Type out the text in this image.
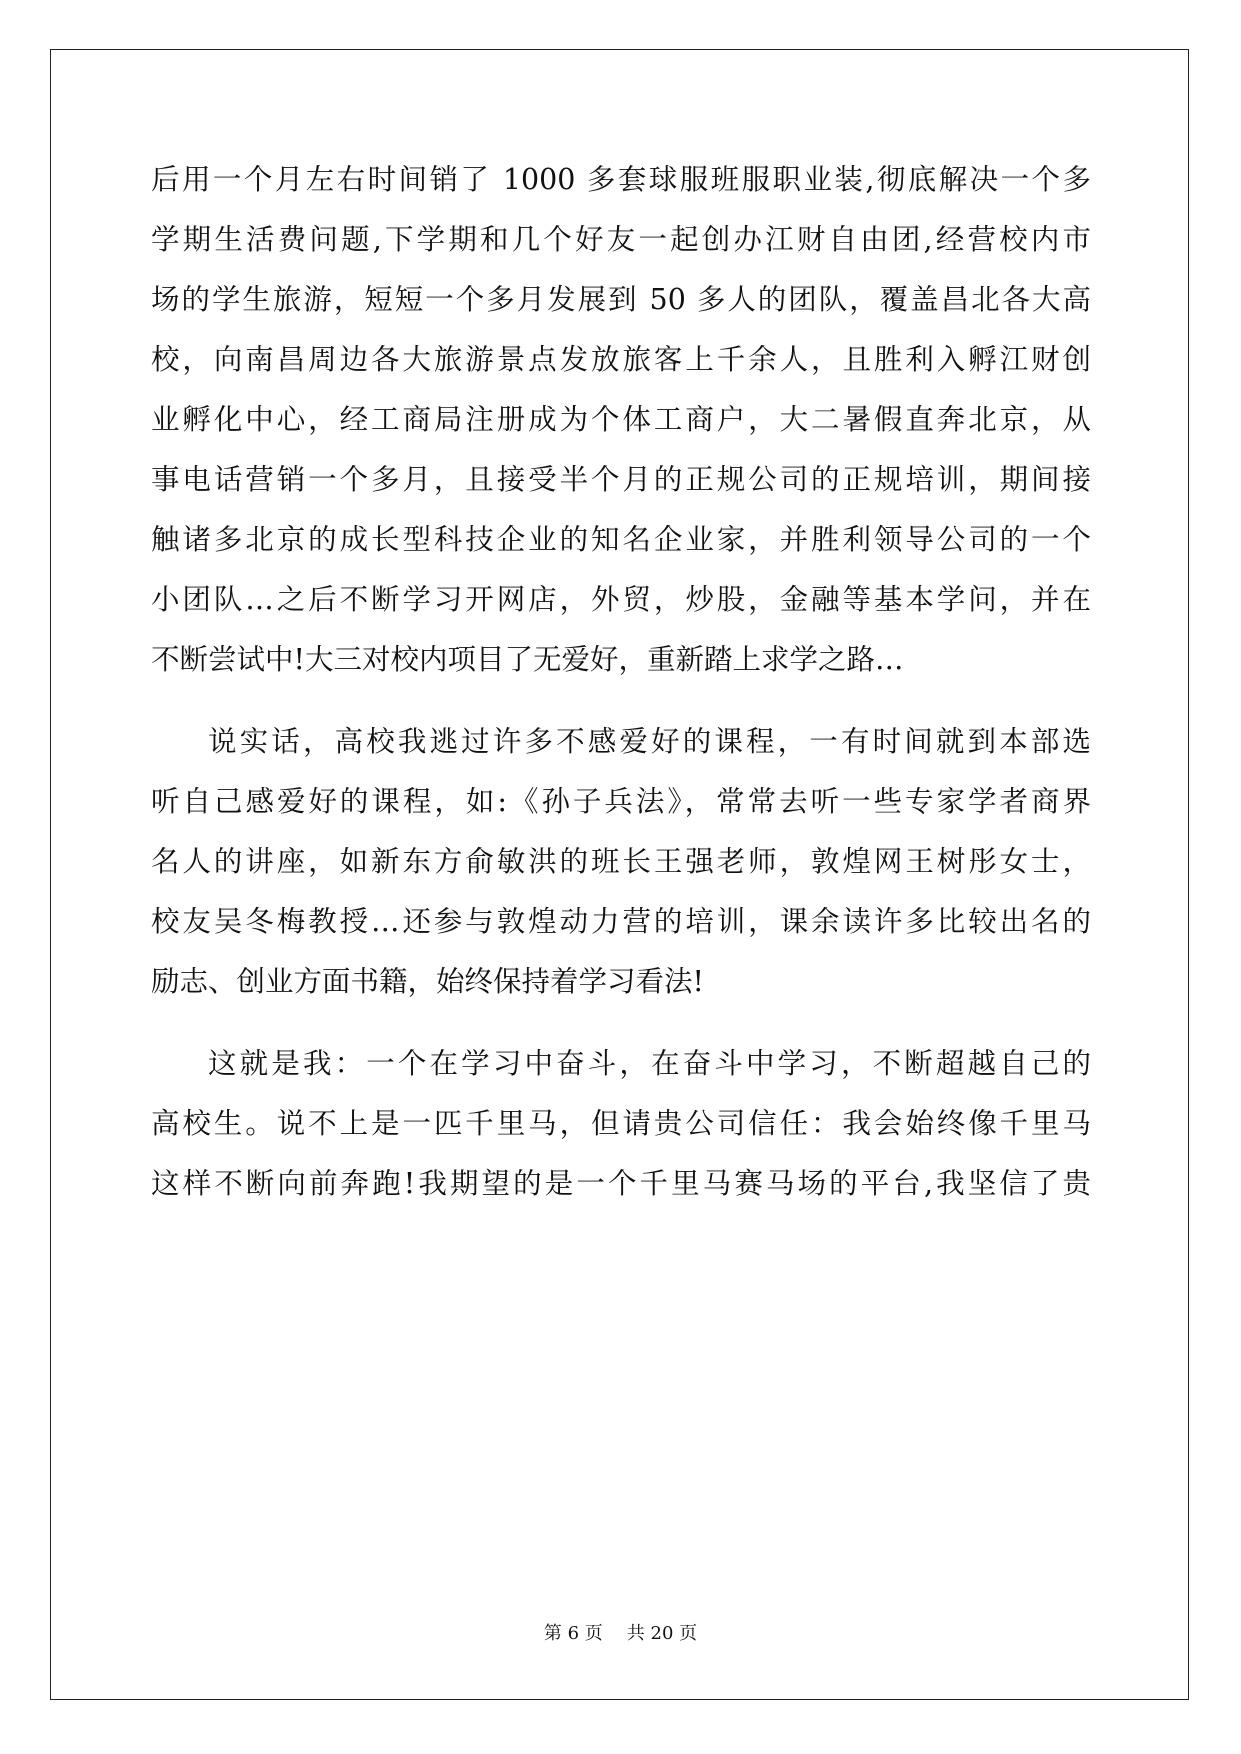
后用一个月左右时间销了 1000 多套球服班服职业装,彻底解决一个多
学期生活费问题,下学期和几个好友一起创办江财自由团,经营校内市
场的学生旅游，短短一个多月发展到 50 多人的团队，覆盖昌北各大高
校，向南昌周边各大旅游景点发放旅客上千余人，且胜利入孵江财创
业孵化中心，经工商局注册成为个体工商户，大二暑假直奔北京，从
事电话营销一个多月，且接受半个月的正规公司的正规培训，期间接
触诸多北京的成长型科技企业的知名企业家，并胜利领导公司的一个
小团队…之后不断学习开网店，外贸，炒股，金融等基本学问，并在
不断尝试中!大三对校内项目了无爱好，重新踏上求学之路…
说实话，高校我逃过许多不感爱好的课程，一有时间就到本部选
听自己感爱好的课程，如:《孙子兵法》，常常去听一些专家学者商界
名人的讲座，如新东方俞敏洪的班长王强老师，敦煌网王树彤女士，
校友吴冬梅教授…还参与敦煌动力营的培训，课余读许多比较出名的
励志、创业方面书籍，始终保持着学习看法!
这就是我：一个在学习中奋斗，在奋斗中学习，不断超越自己的
高校生。说不上是一匹千里马，但请贵公司信任：我会始终像千里马
这样不断向前奔跑!我期望的是一个千里马赛马场的平台,我坚信了贵
第 6 页 共 20 页
